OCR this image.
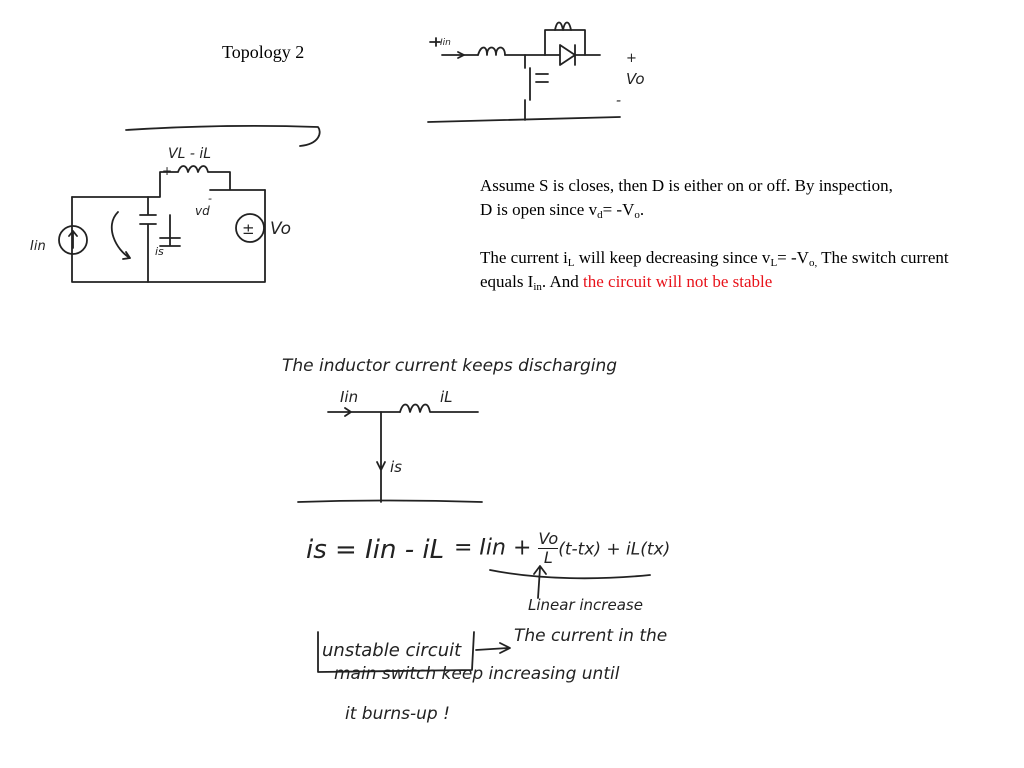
Topology 2

Assume S is closes, then D is either on or off. By inspection,
D is open since $v_d= -V_o$.

The current $i_L$ will keep decreasing since $v_L= -V_{o,}$ The switch current equals $I_{in}$. And the circuit will not be stable

Iin
+
Vo
-
VL - iL
+
Iin	is
vd
-
± Vo
The inductor current keeps discharging
Iin	iL
is
is = Iin - iL = Iin + $\frac{Vo}{L} (t-tx) + iL(tx)$
Linear increase
unstable circuit
The current in the
main switch keep increasing until
it burns-up !
